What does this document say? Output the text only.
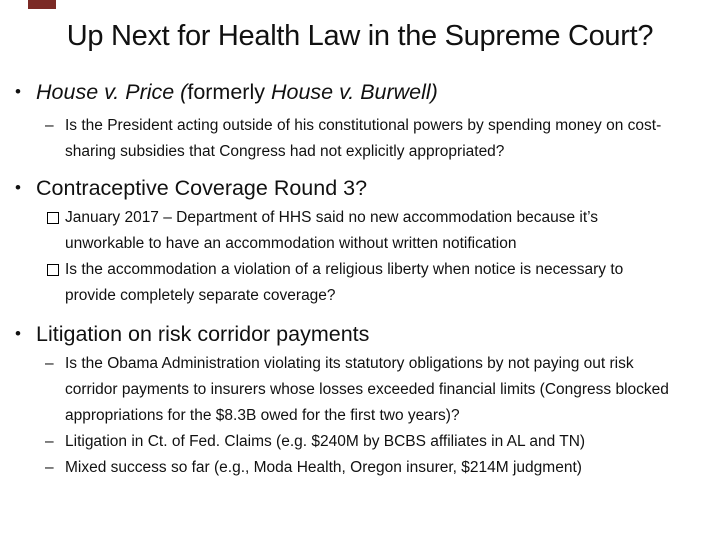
Up Next for Health Law in the Supreme Court?
• House v. Price (formerly House v. Burwell)
– Is the President acting outside of his constitutional powers by spending money on cost-sharing subsidies that Congress had not explicitly appropriated?
• Contraceptive Coverage Round 3?
January 2017 – Department of HHS said no new accommodation because it’s unworkable to have an accommodation without written notification
Is the accommodation a violation of a religious liberty when notice is necessary to provide completely separate coverage?
• Litigation on risk corridor payments
– Is the Obama Administration violating its statutory obligations by not paying out risk corridor payments to insurers whose losses exceeded financial limits (Congress blocked appropriations for the $8.3B owed for the first two years)?
– Litigation in Ct. of Fed. Claims (e.g. $240M by BCBS affiliates in AL and TN)
– Mixed success so far (e.g., Moda Health, Oregon insurer, $214M judgment)
